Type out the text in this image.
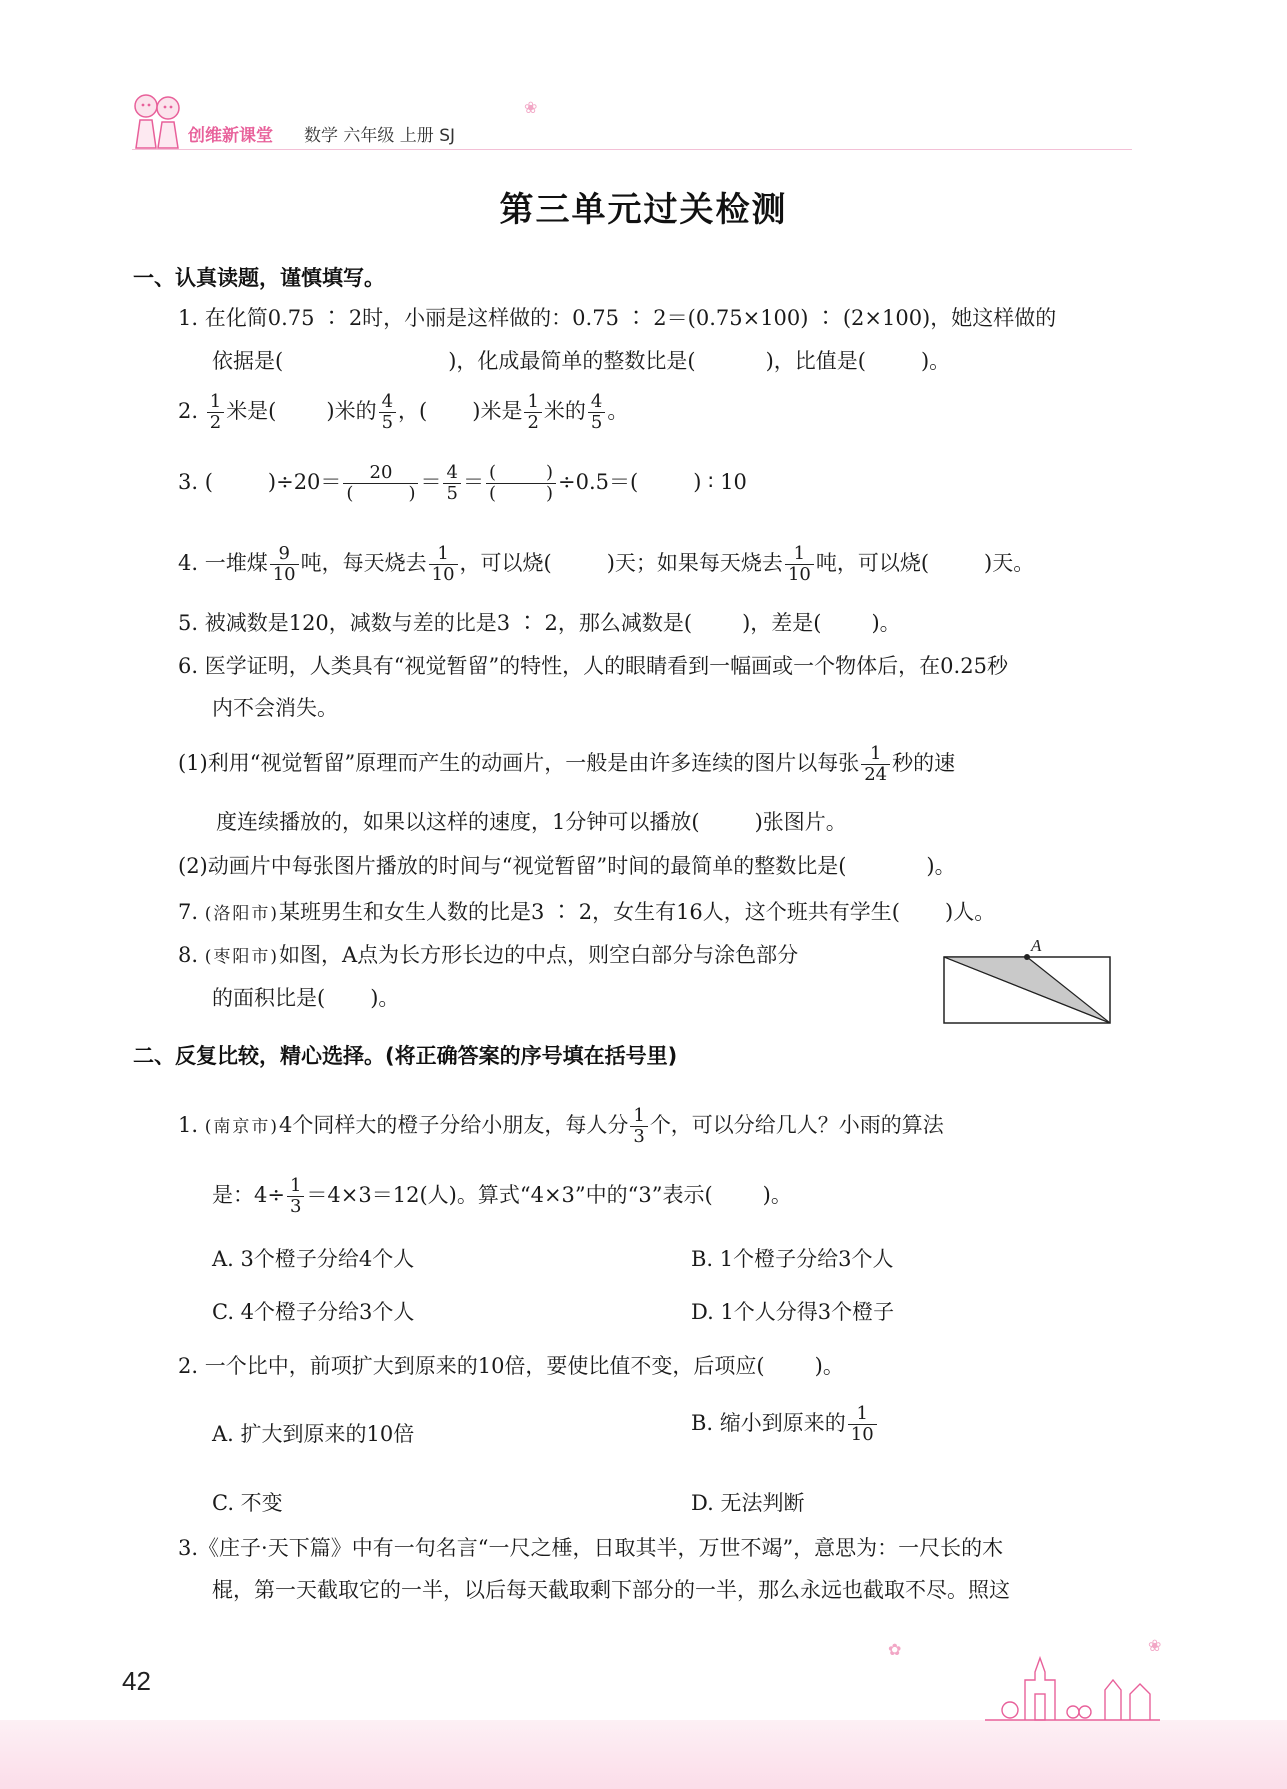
创维新课堂 数学 六年级 上册 SJ
❀
第三单元过关检测
一、认真读题，谨慎填写。
1. 在化简0.75 ∶ 2时，小丽是这样做的：0.75 ∶ 2＝(0.75×100) ∶ (2×100)，她这样做的
依据是(	)，化成最简单的整数比是(	)，比值是(	)。
2. $\frac{1}{2}$ 米是( )米的 $\frac{4}{5}$ ，( )米是 $\frac{1}{2}$ 米的 $\frac{4}{5}$ 。
3. (	)÷20＝	20
(	) ＝ $\frac{4}{5}$ ＝ (	)
(	) ÷0.5＝(	) ∶ 10
4. 一堆煤 $\frac{9}{10}$ 吨，每天烧去 $\frac{1}{10}$ ，可以烧(	)天；如果每天烧去 $\frac{1}{10}$ 吨，可以烧(	)天。
5. 被减数是120，减数与差的比是3 ∶ 2，那么减数是( )，差是( )。
6. 医学证明，人类具有“视觉暂留”的特性，人的眼睛看到一幅画或一个物体后，在0.25秒
内不会消失。
(1)利用“视觉暂留”原理而产生的动画片，一般是由许多连续的图片以每张 $\frac{1}{24}$ 秒的速
度连续播放的，如果以这样的速度，1分钟可以播放(	)张图片。
(2)动画片中每张图片播放的时间与“视觉暂留”时间的最简单的整数比是(	)。
7. (洛阳市)某班男生和女生人数的比是3 ∶ 2，女生有16人，这个班共有学生( )人。
8. (枣阳市)如图，A点为长方形长边的中点，则空白部分与涂色部分
的面积比是( )。
A
二、反复比较，精心选择。(将正确答案的序号填在括号里)
1. (南京市)4个同样大的橙子分给小朋友，每人分 $\frac{1}{3}$ 个，可以分给几人？小雨的算法
是：$4\div \frac{1}{3} =4\times 3=12$(人)。算式“4×3”中的“3”表示( )。
A. 3个橙子分给4个人	B. 1个橙子分给3个人
C. 4个橙子分给3个人	D. 1个人分得3个橙子
2. 一个比中，前项扩大到原来的10倍，要使比值不变，后项应( )。
A. 扩大到原来的10倍	B. 缩小到原来的 $\frac{1}{10}$
C. 不变	D. 无法判断
3.《庄子·天下篇》中有一句名言“一尺之棰，日取其半，万世不竭”，意思为：一尺长的木
棍，第一天截取它的一半，以后每天截取剩下部分的一半，那么永远也截取不尽。照这
42
✿	❀
